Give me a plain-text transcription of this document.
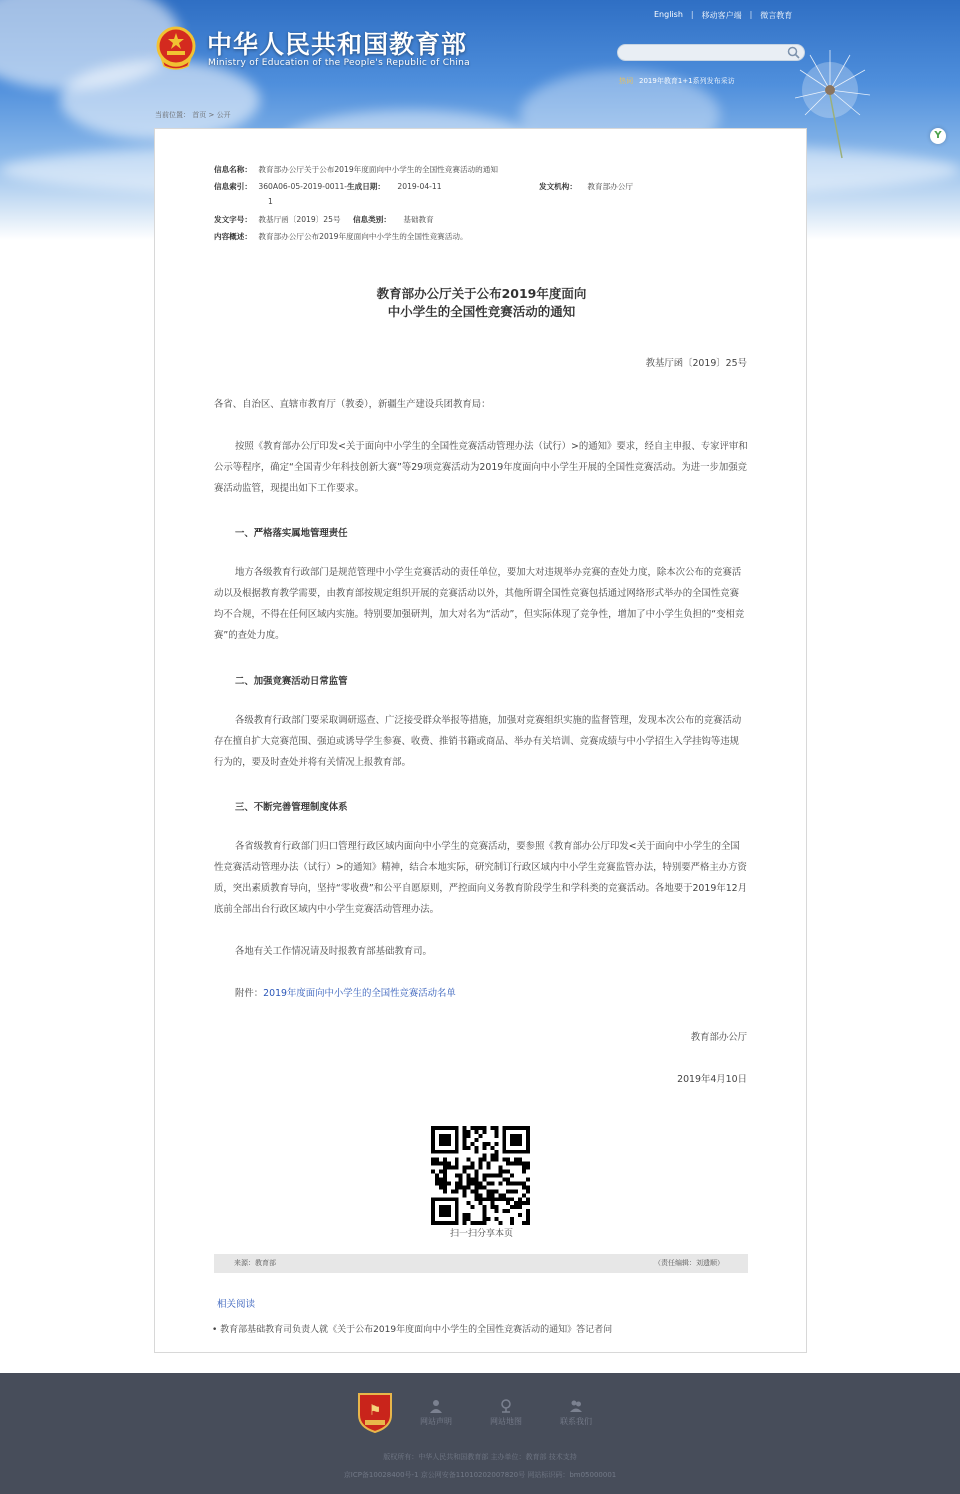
中华人民共和国教育部
Ministry of Education of the People's Republic of China
English	|	移动客户端	|	微言教育
热词 2019年教育1+1系列发布采访
当前位置： 首页 > 公开
Y
信息名称： 教育部办公厅关于公布2019年度面向中小学生的全国性竞赛活动的通知
信息索引： 360A06-05-2019-0011-生成日期： 2019-04-11	发文机构： 教育部办公厅
1
发文字号： 教基厅函〔2019〕25号 信息类别： 基础教育
内容概述： 教育部办公厅公布2019年度面向中小学生的全国性竞赛活动。
教育部办公厅关于公布2019年度面向
中小学生的全国性竞赛活动的通知
教基厅函〔2019〕25号
各省、自治区、直辖市教育厅（教委），新疆生产建设兵团教育局：
按照《教育部办公厅印发<关于面向中小学生的全国性竞赛活动管理办法（试行）>的通知》要求，经自主申报、专家评审和公示等程序，确定“全国青少年科技创新大赛”等29项竞赛活动为2019年度面向中小学生开展的全国性竞赛活动。为进一步加强竞赛活动监管，现提出如下工作要求。
一、严格落实属地管理责任
地方各级教育行政部门是规范管理中小学生竞赛活动的责任单位，要加大对违规举办竞赛的查处力度，除本次公布的竞赛活动以及根据教育教学需要，由教育部按规定组织开展的竞赛活动以外，其他所谓全国性竞赛包括通过网络形式举办的全国性竞赛均不合规，不得在任何区域内实施。特别要加强研判，加大对名为“活动”，但实际体现了竞争性，增加了中小学生负担的“变相竞赛”的查处力度。
二、加强竞赛活动日常监管
各级教育行政部门要采取调研巡查、广泛接受群众举报等措施，加强对竞赛组织实施的监督管理，发现本次公布的竞赛活动存在擅自扩大竞赛范围、强迫或诱导学生参赛、收费、推销书籍或商品、举办有关培训、竞赛成绩与中小学招生入学挂钩等违规行为的，要及时查处并将有关情况上报教育部。
三、不断完善管理制度体系
各省级教育行政部门归口管理行政区域内面向中小学生的竞赛活动，要参照《教育部办公厅印发<关于面向中小学生的全国性竞赛活动管理办法（试行）>的通知》精神，结合本地实际，研究制订行政区域内中小学生竞赛监管办法，特别要严格主办方资质，突出素质教育导向，坚持“零收费”和公平自愿原则，严控面向义务教育阶段学生和学科类的竞赛活动。各地要于2019年12月底前全部出台行政区域内中小学生竞赛活动管理办法。
各地有关工作情况请及时报教育部基础教育司。
附件：2019年度面向中小学生的全国性竞赛活动名单
教育部办公厅
2019年4月10日
扫一扫分享本页
来源：教育部	（责任编辑：刘遗顺）
相关阅读
• 教育部基础教育司负责人就《关于公布2019年度面向中小学生的全国性竞赛活动的通知》答记者问
⚑
网站声明	网站地图	联系我们
版权所有：中华人民共和国教育部 主办单位：教育部 技术支持
京ICP备10028400号-1 京公网安备11010202007820号 网站标识码：bm05000001
